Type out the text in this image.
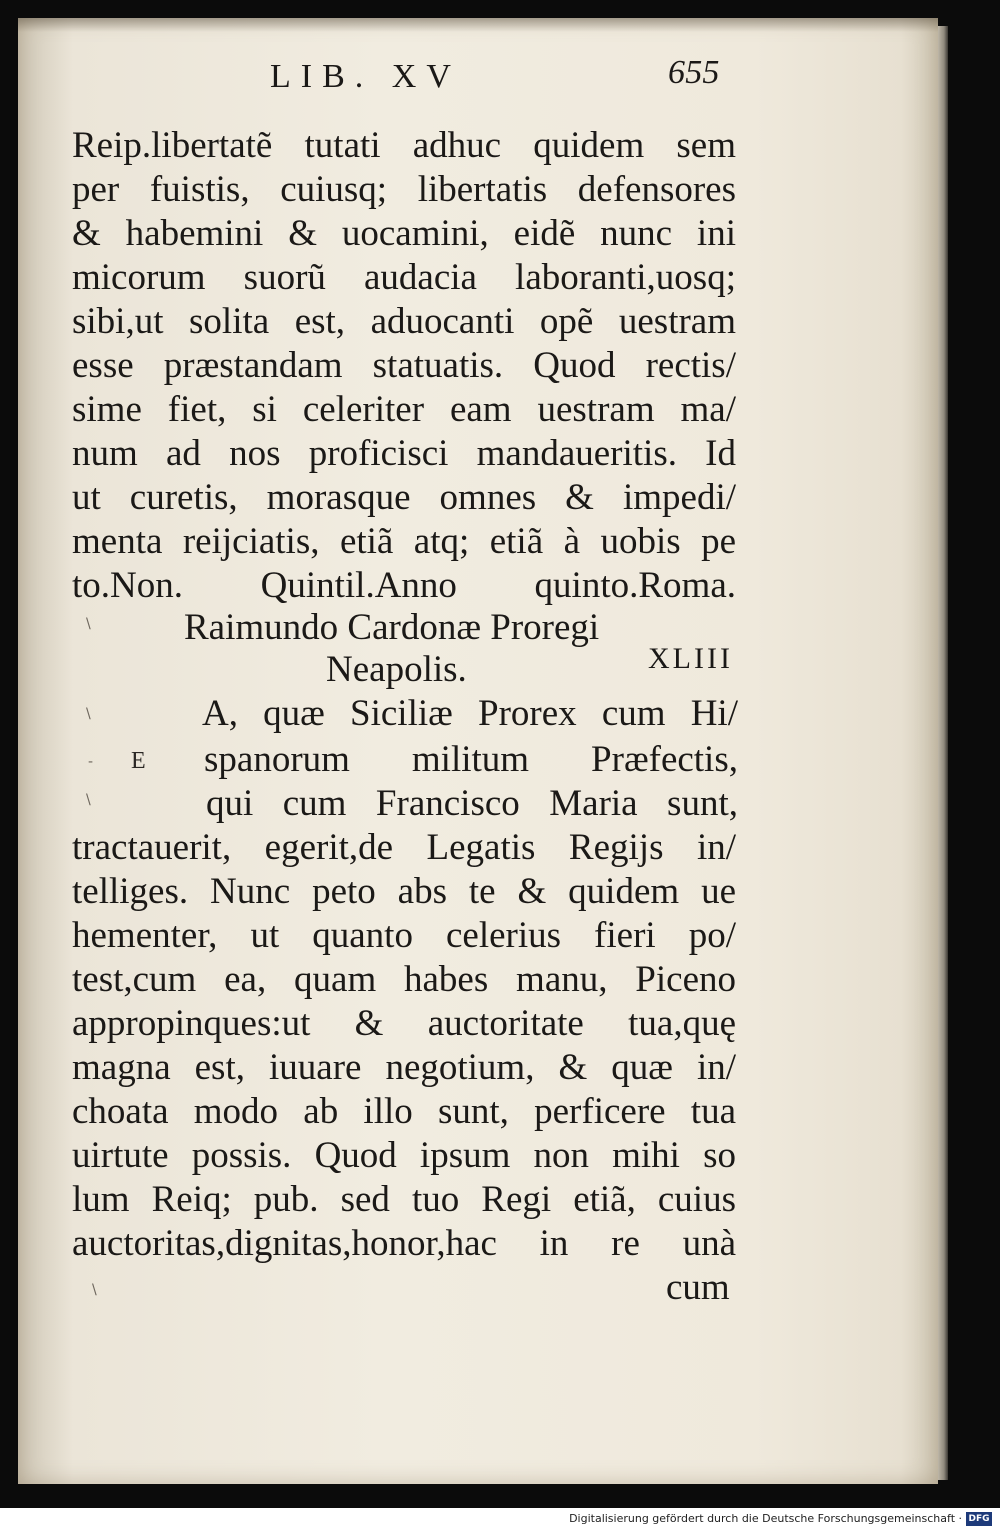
LIB. XV	655
Reip.libertatẽ tutati adhuc quidem sem
per fuistis, cuiusq; libertatis defensores
& habemini & uocamini, eidẽ nunc ini
micorum suorũ audacia laboranti,uosq;
sibi,ut solita est, aduocanti opẽ uestram
esse præstandam statuatis. Quod rectis/
sime fiet, si celeriter eam uestram ma/
num ad nos proficisci mandaueritis. Id
ut curetis, morasque omnes & impedi/
menta reijciatis, etiã atq; etiã à uobis pe
to.Non. Quintil.Anno quinto.Roma.
Raimundo Cardonæ Proregi
Neapolis.	XLIII
E
A, quæ Siciliæ Prorex cum Hi/
spanorum militum Præfectis,
qui cum Francisco Maria sunt,
tractauerit, egerit,de Legatis Regijs in/
telliges. Nunc peto abs te & quidem ue
hementer, ut quanto celerius fieri po/
test,cum ea, quam habes manu, Piceno
appropinques:ut & auctoritate tua,quę
magna est, iuuare negotium, & quæ in/
choata modo ab illo sunt, perficere tua
uirtute possis. Quod ipsum non mihi so
lum Reiq; pub. sed tuo Regi etiã, cuius
auctoritas,dignitas,honor,hac in re unà
cum
\
\
-
\
\
Digitalisierung gefördert durch die Deutsche Forschungsgemeinschaft · DFG
